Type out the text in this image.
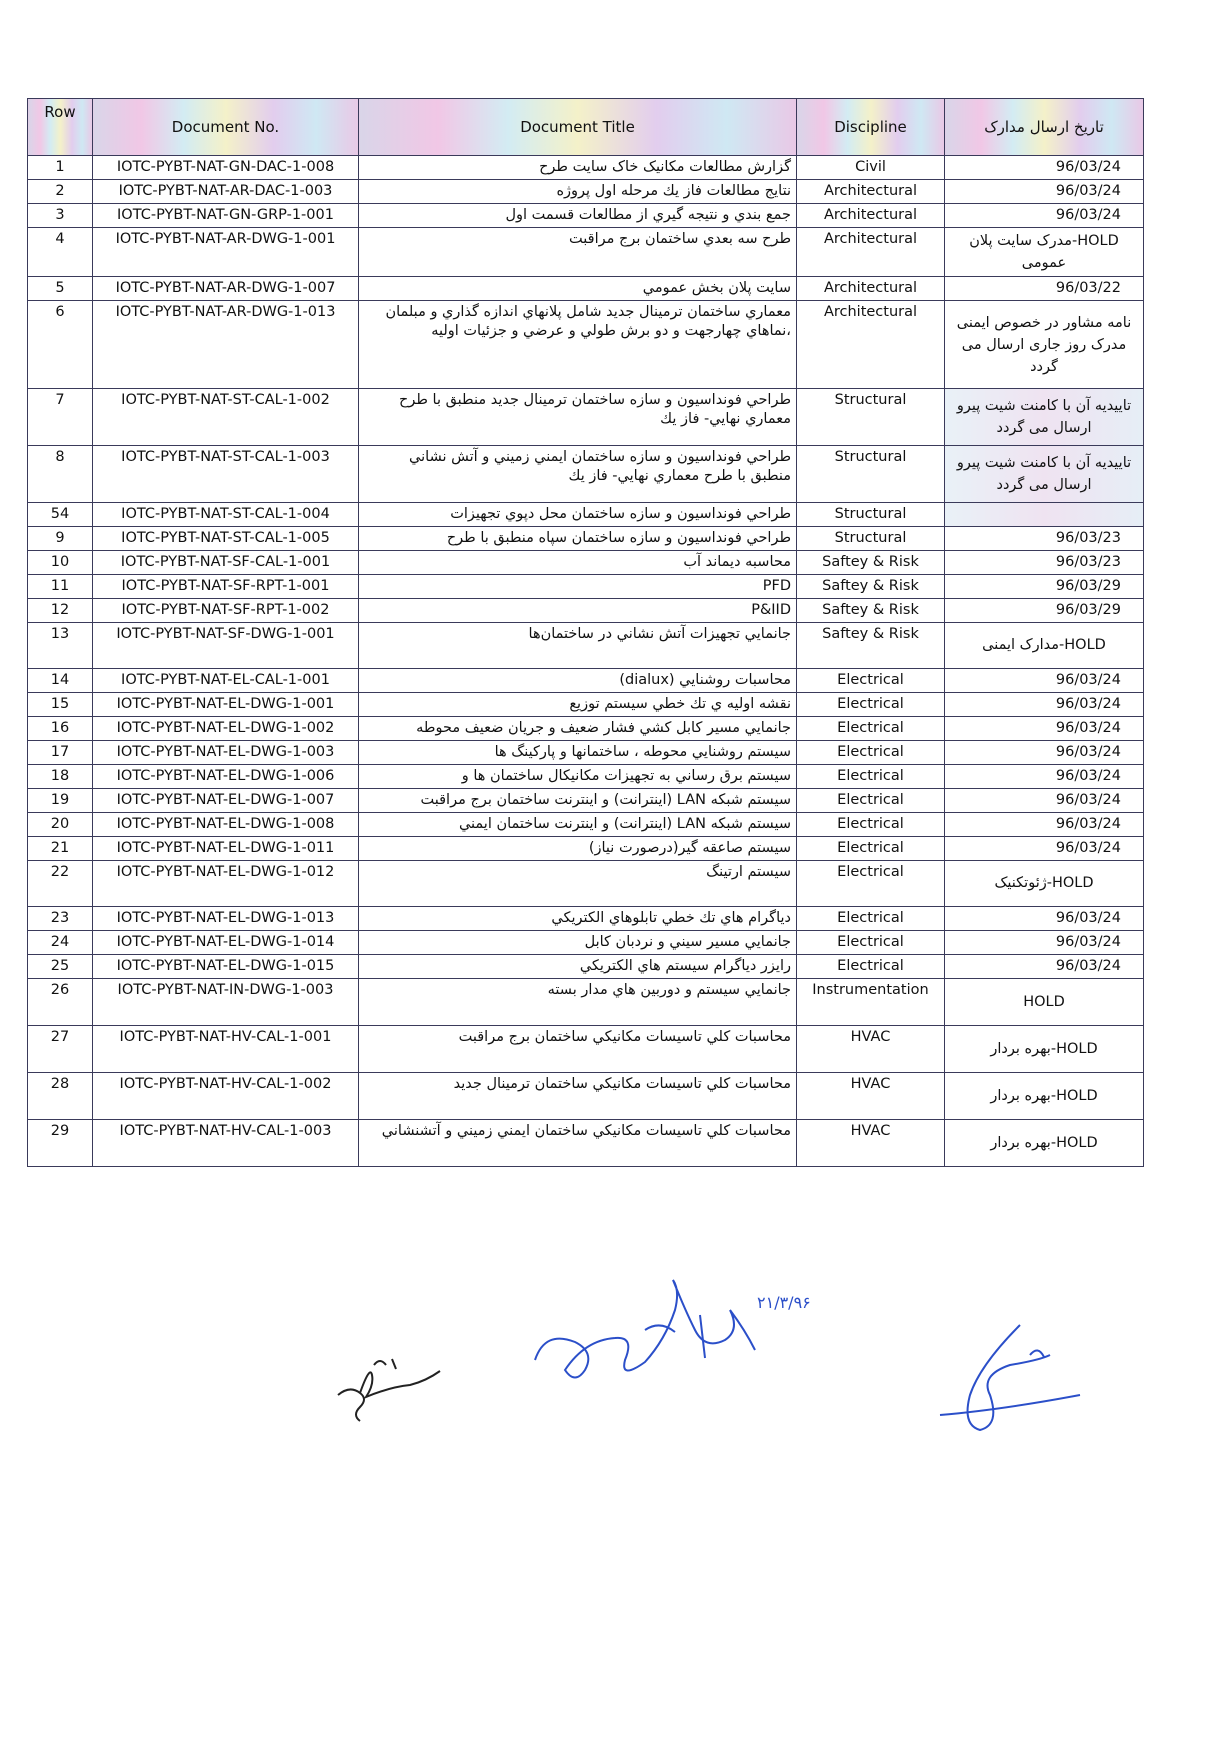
Row	Document No.	Document Title	Discipline	تاریخ ارسال مدارک
1	IOTC-PYBT-NAT-GN-DAC-1-008	گزارش مطالعات مکانیک خاک سایت طرح	Civil	96/03/24
2	IOTC-PYBT-NAT-AR-DAC-1-003	نتايج مطالعات فاز يك مرحله اول پروژه	Architectural	96/03/24
3	IOTC-PYBT-NAT-GN-GRP-1-001	جمع بندي و نتيجه گيري از مطالعات قسمت اول	Architectural	96/03/24
4	IOTC-PYBT-NAT-AR-DWG-1-001	طرح سه بعدي ساختمان برج مراقبت	Architectural	HOLD-مدرک سایت پلان عمومی
5	IOTC-PYBT-NAT-AR-DWG-1-007	سايت پلان بخش عمومي	Architectural	96/03/22
6	IOTC-PYBT-NAT-AR-DWG-1-013	معماري ساختمان ترمينال جديد شامل پلانهاي اندازه گذاري و مبلمان ،نماهاي چهارجهت و دو برش طولي و عرضي و جزئيات اوليه	Architectural	نامه مشاور در خصوص ایمنی مدرک روز جاری ارسال می گردد
7	IOTC-PYBT-NAT-ST-CAL-1-002	طراحي فونداسيون و سازه ساختمان ترمينال جديد منطبق با طرح معماري نهايي- فاز يك	Structural	تاییدیه آن با کامنت شیت پیرو ارسال می گردد
8	IOTC-PYBT-NAT-ST-CAL-1-003	طراحي فونداسيون و سازه ساختمان ايمني زميني و آتش نشاني منطبق با طرح معماري نهايي- فاز يك	Structural	تاییدیه آن با کامنت شیت پیرو ارسال می گردد
54	IOTC-PYBT-NAT-ST-CAL-1-004	طراحي فونداسيون و سازه ساختمان محل دپوي تجهيزات	Structural	
9	IOTC-PYBT-NAT-ST-CAL-1-005	طراحي فونداسيون و سازه ساختمان سپاه منطبق با طرح	Structural	96/03/23
10	IOTC-PYBT-NAT-SF-CAL-1-001	محاسبه ديماند آب	Saftey & Risk	96/03/23
11	IOTC-PYBT-NAT-SF-RPT-1-001	PFD	Saftey & Risk	96/03/29
12	IOTC-PYBT-NAT-SF-RPT-1-002	P&IID	Saftey & Risk	96/03/29
13	IOTC-PYBT-NAT-SF-DWG-1-001	جانمايي تجهيزات آتش نشاني در ساختمان‌ها	Saftey & Risk	HOLD-مدارک ایمنی
14	IOTC-PYBT-NAT-EL-CAL-1-001	محاسبات روشنايي (dialux)	Electrical	96/03/24
15	IOTC-PYBT-NAT-EL-DWG-1-001	نقشه اوليه ي تك خطي سيستم توزيع	Electrical	96/03/24
16	IOTC-PYBT-NAT-EL-DWG-1-002	جانمايي مسير كابل كشي فشار ضعيف و جريان ضعيف محوطه	Electrical	96/03/24
17	IOTC-PYBT-NAT-EL-DWG-1-003	سيستم روشنايي محوطه ، ساختمانها و پاركينگ ها	Electrical	96/03/24
18	IOTC-PYBT-NAT-EL-DWG-1-006	سيستم برق رساني به تجهيزات مكانيكال ساختمان ها و	Electrical	96/03/24
19	IOTC-PYBT-NAT-EL-DWG-1-007	سيستم شبكه LAN (اينترانت) و اينترنت ساختمان برج مراقبت	Electrical	96/03/24
20	IOTC-PYBT-NAT-EL-DWG-1-008	سيستم شبكه LAN (اينترانت) و اينترنت ساختمان ايمني	Electrical	96/03/24
21	IOTC-PYBT-NAT-EL-DWG-1-011	سيستم صاعقه گير(درصورت نياز)	Electrical	96/03/24
22	IOTC-PYBT-NAT-EL-DWG-1-012	سيستم ارتينگ	Electrical	HOLD-ژئوتکنیک
23	IOTC-PYBT-NAT-EL-DWG-1-013	دياگرام هاي تك خطي تابلوهاي الكتريكي	Electrical	96/03/24
24	IOTC-PYBT-NAT-EL-DWG-1-014	جانمايي مسير سيني و نردبان كابل	Electrical	96/03/24
25	IOTC-PYBT-NAT-EL-DWG-1-015	رايزر دياگرام سيستم هاي الكتريكي	Electrical	96/03/24
26	IOTC-PYBT-NAT-IN-DWG-1-003	جانمايي سيستم و دوربين هاي مدار بسته	Instrumentation	HOLD
27	IOTC-PYBT-NAT-HV-CAL-1-001	محاسبات كلي تاسيسات مكانيكي ساختمان برج مراقبت	HVAC	HOLD-بهره بردار
28	IOTC-PYBT-NAT-HV-CAL-1-002	محاسبات كلي تاسيسات مكانيكي ساختمان ترمينال جديد	HVAC	HOLD-بهره بردار
29	IOTC-PYBT-NAT-HV-CAL-1-003	محاسبات كلي تاسيسات مكانيكي ساختمان ايمني زميني و آتشنشاني	HVAC	HOLD-بهره بردار
۲۱/۳/۹۶
